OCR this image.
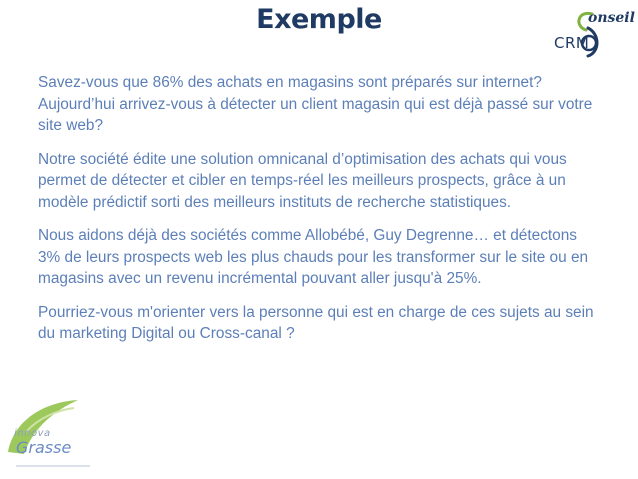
Exemple	onseil
CRM

Savez-vous que 86% des achats en magasins sont préparés sur internet? Aujourd’hui arrivez-vous à détecter un client magasin qui est déjà passé sur votre site web?

Notre société édite une solution omnicanal d’optimisation des achats qui vous permet de détecter et cibler en temps-réel les meilleurs prospects, grâce à un modèle prédictif sorti des meilleurs instituts de recherche statistiques.

Nous aidons déjà des sociétés comme Allobébé, Guy Degrenne… et détectons 3% de leurs prospects web les plus chauds pour les transformer sur le site ou en magasins avec un revenu incrémental pouvant aller jusqu'à 25%.

Pourriez-vous m'orienter vers la personne qui est en charge de ces sujets au sein du marketing Digital ou Cross-canal ?

innova
Grasse
